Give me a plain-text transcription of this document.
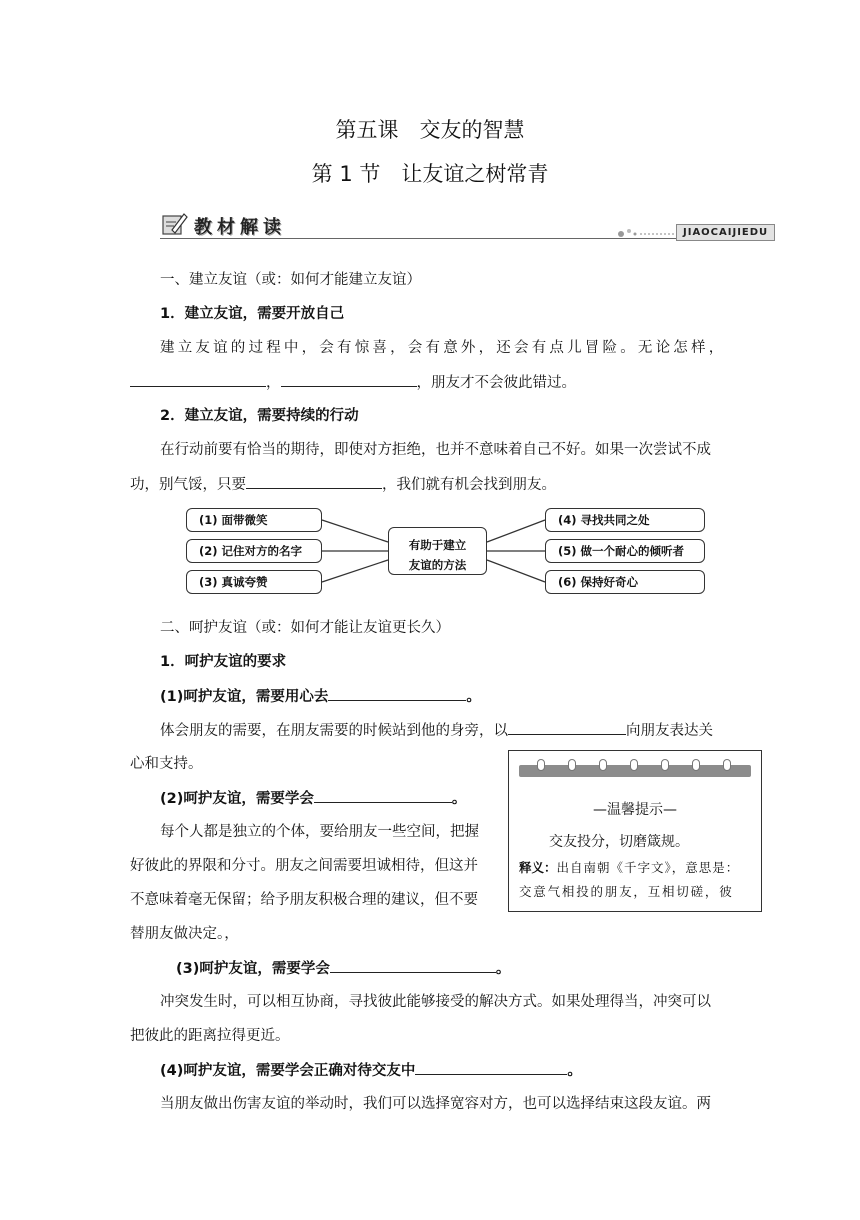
第五课　交友的智慧
第 1 节　让友谊之树常青
教材解读	JIAOCAIJIEDU
一、建立友谊（或：如何才能建立友谊）
1．建立友谊，需要开放自己
建立友谊的过程中，会有惊喜，会有意外，还会有点儿冒险。无论怎样，
，	，朋友才不会彼此错过。
2．建立友谊，需要持续的行动
在行动前要有恰当的期待，即使对方拒绝，也并不意味着自己不好。如果一次尝试不成
功，别气馁，只要	，我们就有机会找到朋友。
(1) 面带微笑
(2) 记住对方的名字
(3) 真诚夸赞
有助于建立
友谊的方法
(4) 寻找共同之处
(5) 做一个耐心的倾听者
(6) 保持好奇心
二、呵护友谊（或：如何才能让友谊更长久）
1．呵护友谊的要求
(1)呵护友谊，需要用心去	。
体会朋友的需要，在朋友需要的时候站到他的身旁，以	向朋友表达关
心和支持。
(2)呵护友谊，需要学会	。
每个人都是独立的个体，要给朋友一些空间，把握
好彼此的界限和分寸。朋友之间需要坦诚相待，但这并
不意味着毫无保留；给予朋友积极合理的建议，但不要
替朋友做决定。，
—温馨提示—
交友投分，切磨箴规。
释义：出自南朝《千字文》，意思是：
交意气相投的朋友，互相切磋，彼
(3)呵护友谊，需要学会	。
冲突发生时，可以相互协商，寻找彼此能够接受的解决方式。如果处理得当，冲突可以
把彼此的距离拉得更近。
(4)呵护友谊，需要学会正确对待交友中	。
当朋友做出伤害友谊的举动时，我们可以选择宽容对方，也可以选择结束这段友谊。两
